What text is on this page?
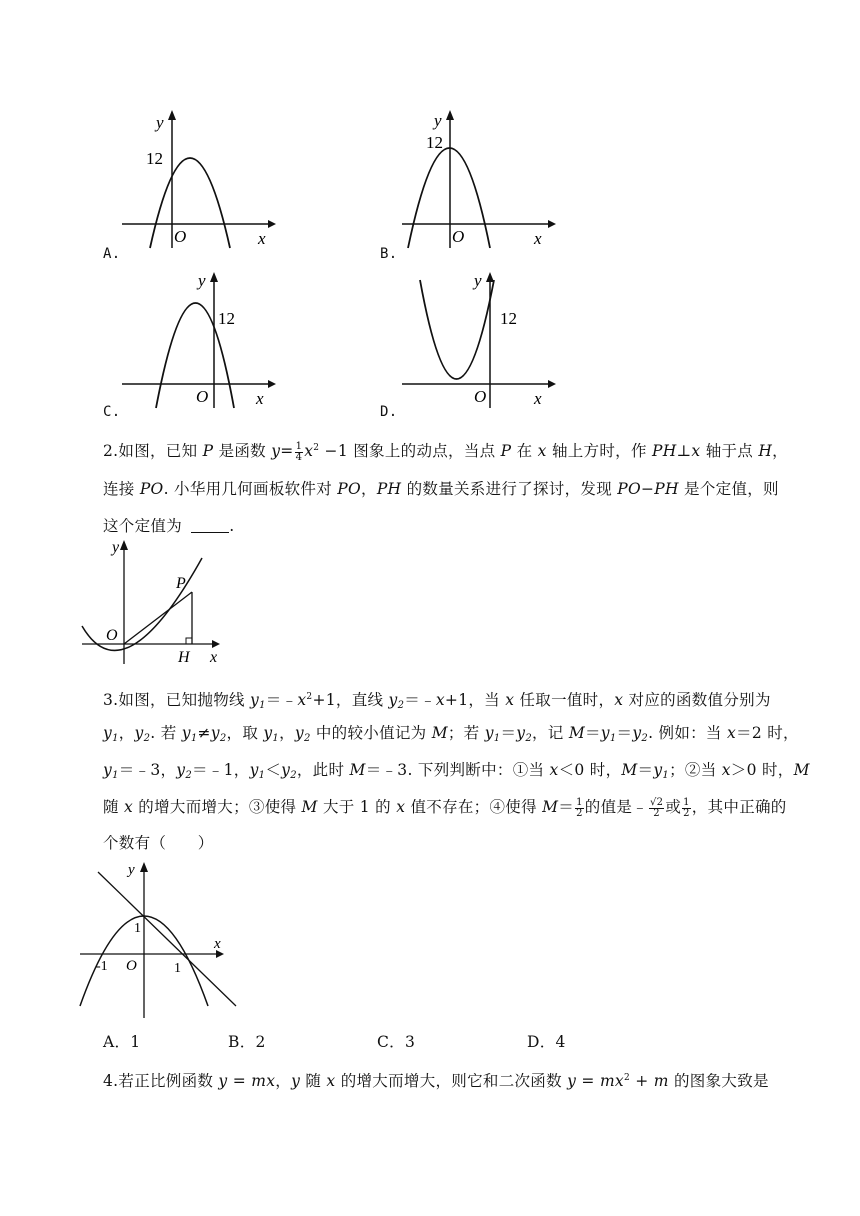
y
x
O
12
A.
y
x
O
12
B.
y
x
O
12
C.
y
x
O
12
D.
2.如图，已知 P 是函数 $y= \frac{1}{4} x^2 -1$ 图象上的动点，当点 P 在 x 轴上方时，作 PH⊥x 轴于点 H，
连接 PO. 小华用几何画板软件对 PO，PH 的数量关系进行了探讨，发现 PO−PH 是个定值，则
这个定值为	.
y
x
O
P
H
3.如图，已知抛物线 $y_1=﹣x^2+1$，直线 $y_2=﹣x+1$，当 x 任取一值时，x 对应的函数值分别为
$y_1$，$y_2$. 若 $y_1\ne y_2$，取 $y_1$，$y_2$ 中的较小值记为 M；若 $y_1=y_2$，记 $M=y_1=y_2$. 例如：当 x＝2 时，
$y_1=﹣3$，$y_2=﹣1$，$y_1<y_2$，此时 M＝﹣3. 下列判断中：①当 x＜0 时，$M=y_1$；②当 x＞0 时，M
随 x 的增大而增大；③使得 M 大于 1 的 x 值不存在；④使得 $M= \frac{1}{2}$ 的值是﹣ $\frac{√2}{2}$ 或 $\frac{1}{2}$ ，其中正确的
个数有（　　）
y
x
O
1
1
-1
A．1	B．2	C．3	D．4
4.若正比例函数 y = mx，y 随 x 的增大而增大，则它和二次函数 $y = mx^2 + m$ 的图象大致是
